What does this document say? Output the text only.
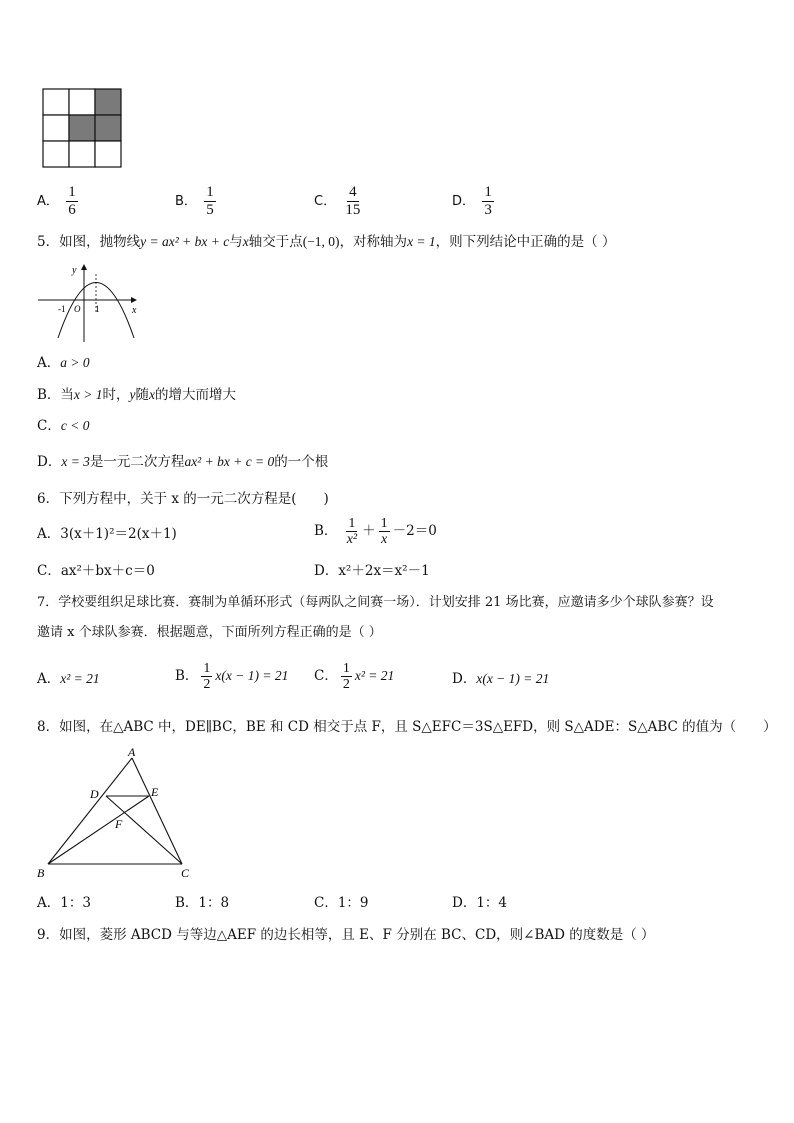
A． $\frac{1}{6}$	B． $\frac{1}{5}$	C． $\frac{4}{15}$	D． $\frac{1}{3}$
5．如图，抛物线y = ax² + bx + c与x轴交于点(−1, 0)，对称轴为x = 1，则下列结论中正确的是（ ）
y
x
-1 O 1
A．a > 0
B．当x > 1时，y随x的增大而增大
C．c < 0
D．x = 3是一元二次方程ax² + bx + c = 0的一个根
6．下列方程中，关于 x 的一元二次方程是(　　)
A．3(x＋1)²＝2(x＋1)	B． $\frac{1}{\text{x²}} + \frac{1}{x} -2=0$
C．ax²＋bx＋c＝0	D．x²＋2x＝x²－1
7．学校要组织足球比赛．赛制为单循环形式（每两队之间赛一场）．计划安排 21 场比赛，应邀请多少个球队参赛？设
邀请 x 个球队参赛．根据题意，下面所列方程正确的是（ ）
A．x² = 21	B． $\frac{1}{2} x(x - 1) = 21$ C． $\frac{1}{2} x^2 = 21$	D．x(x − 1) = 21
8．如图，在△ABC 中，DE∥BC，BE 和 CD 相交于点 F，且 S△EFC＝3S△EFD，则 S△ADE：S△ABC 的值为（　　）
A
D	E
F
B	C
A．1：3	B．1：8	C．1：9	D．1：4
9．如图，菱形 ABCD 与等边△AEF 的边长相等，且 E、F 分别在 BC、CD，则∠BAD 的度数是（ ）
